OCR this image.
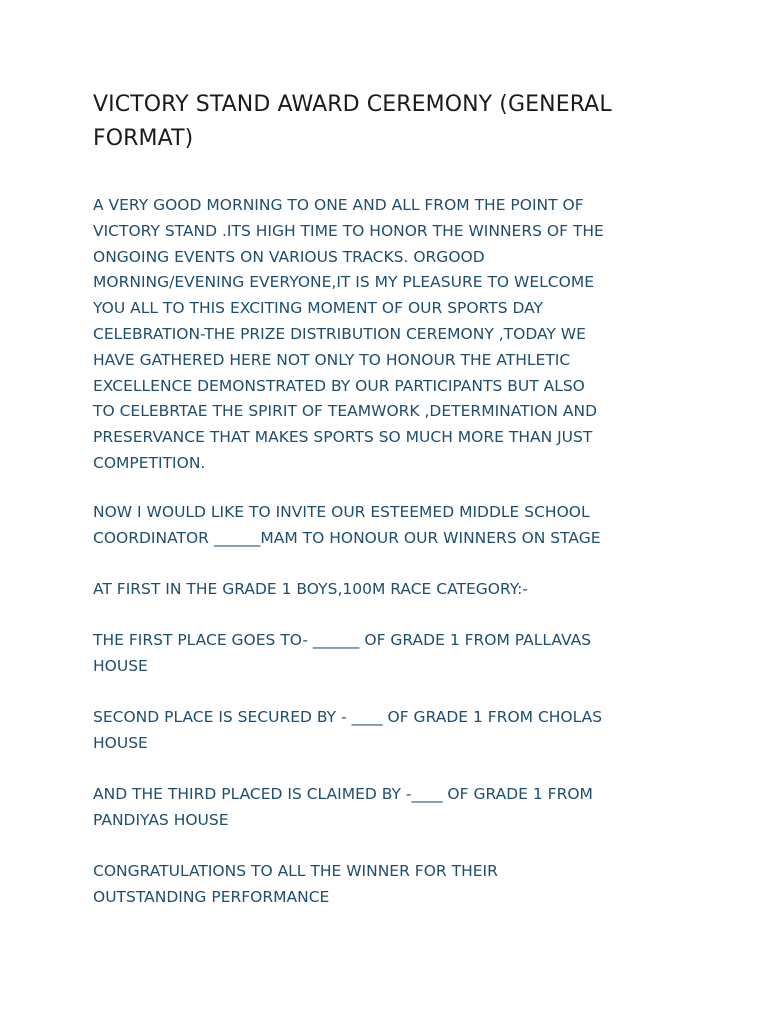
VICTORY STAND AWARD CEREMONY (GENERAL
FORMAT)

A VERY GOOD MORNING TO ONE AND ALL FROM THE POINT OF
VICTORY STAND .ITS HIGH TIME TO HONOR THE WINNERS OF THE
ONGOING EVENTS ON VARIOUS TRACKS. ORGOOD
MORNING/EVENING EVERYONE,IT IS MY PLEASURE TO WELCOME
YOU ALL TO THIS EXCITING MOMENT OF OUR SPORTS DAY
CELEBRATION-THE PRIZE DISTRIBUTION CEREMONY ,TODAY WE
HAVE GATHERED HERE NOT ONLY TO HONOUR THE ATHLETIC
EXCELLENCE DEMONSTRATED BY OUR PARTICIPANTS BUT ALSO
TO CELEBRTAE THE SPIRIT OF TEAMWORK ,DETERMINATION AND
PRESERVANCE THAT MAKES SPORTS SO MUCH MORE THAN JUST
COMPETITION.

NOW I WOULD LIKE TO INVITE OUR ESTEEMED MIDDLE SCHOOL
COORDINATOR ______MAM TO HONOUR OUR WINNERS ON STAGE

AT FIRST IN THE GRADE 1 BOYS,100M RACE CATEGORY:-

THE FIRST PLACE GOES TO- ______ OF GRADE 1 FROM PALLAVAS
HOUSE

SECOND PLACE IS SECURED BY - ____ OF GRADE 1 FROM CHOLAS
HOUSE

AND THE THIRD PLACED IS CLAIMED BY -____ OF GRADE 1 FROM
PANDIYAS HOUSE

CONGRATULATIONS TO ALL THE WINNER FOR THEIR
OUTSTANDING PERFORMANCE
